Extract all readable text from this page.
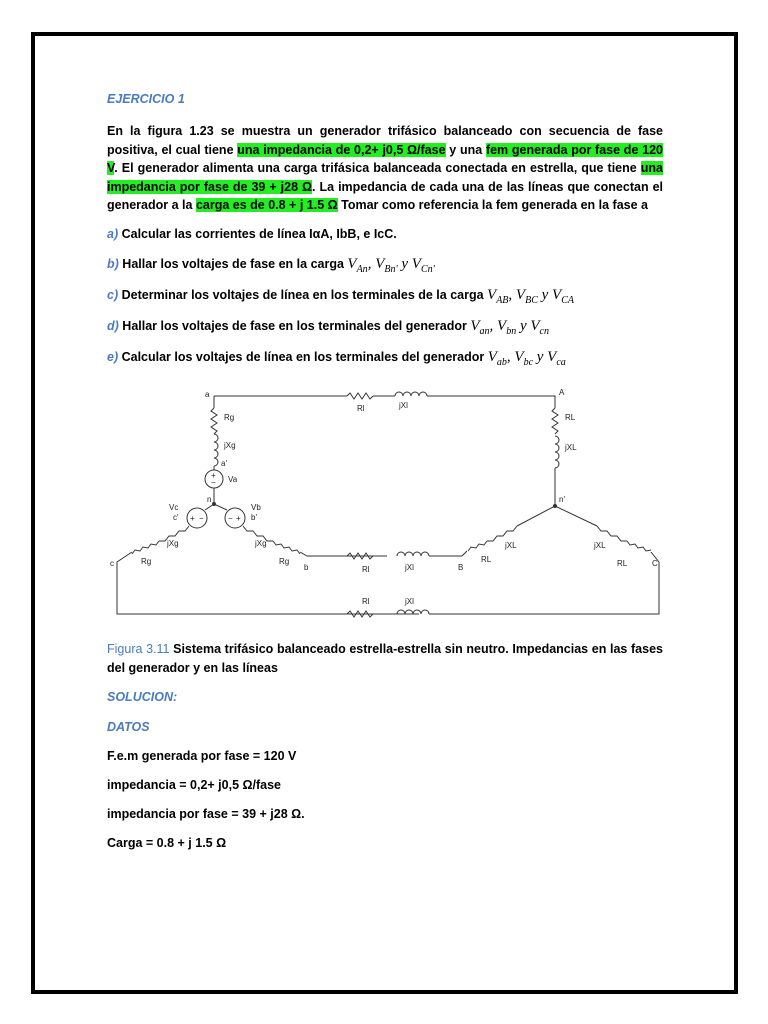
EJERCICIO 1
En la figura 1.23 se muestra un generador trifásico balanceado con secuencia de fase positiva, el cual tiene una impedancia de 0,2+ j0,5 Ω/fase y una fem generada por fase de 120 V. El generador alimenta una carga trifásica balanceada conectada en estrella, que tiene una impedancia por fase de 39 + j28 Ω. La impedancia de cada una de las líneas que conectan el generador a la carga es de 0.8 + j 1.5 Ω Tomar como referencia la fem generada en la fase a
a) Calcular las corrientes de línea IαA, IbB, e IcC.
b) Hallar los voltajes de fase en la carga $V_{An}$, $V_{Bn'}$ y $V_{Cn'}$
c) Determinar los voltajes de línea en los terminales de la carga $V_{AB}$, $V_{BC}$ y $V_{CA}$
d) Hallar los voltajes de fase en los terminales del generador $V_{an}$, $V_{bn}$ y $V_{cn}$
e) Calcular los voltajes de línea en los terminales del generador $V_{ab}$, $V_{bc}$ y $V_{ca}$
Figura 3.11 Sistema trifásico balanceado estrella-estrella sin neutro. Impedancias en las fases del generador y en las líneas
SOLUCION:
DATOS
F.e.m generada por fase = 120 V
impedancia = 0,2+ j0,5 Ω/fase
impedancia por fase = 39 + j28 Ω.
Carga = 0.8 + j 1.5 Ω
+
−
+ −	− +
a
Rg
jXg
a'
Va
n
Vb
b'
Vc
c'
jXg	jXg
Rg	Rg
c	b
Rl	jXl
Rl	jXl
Rl	jXl
A
RL
jXL
n'
jXL
RL
B
jXL
RL	C
